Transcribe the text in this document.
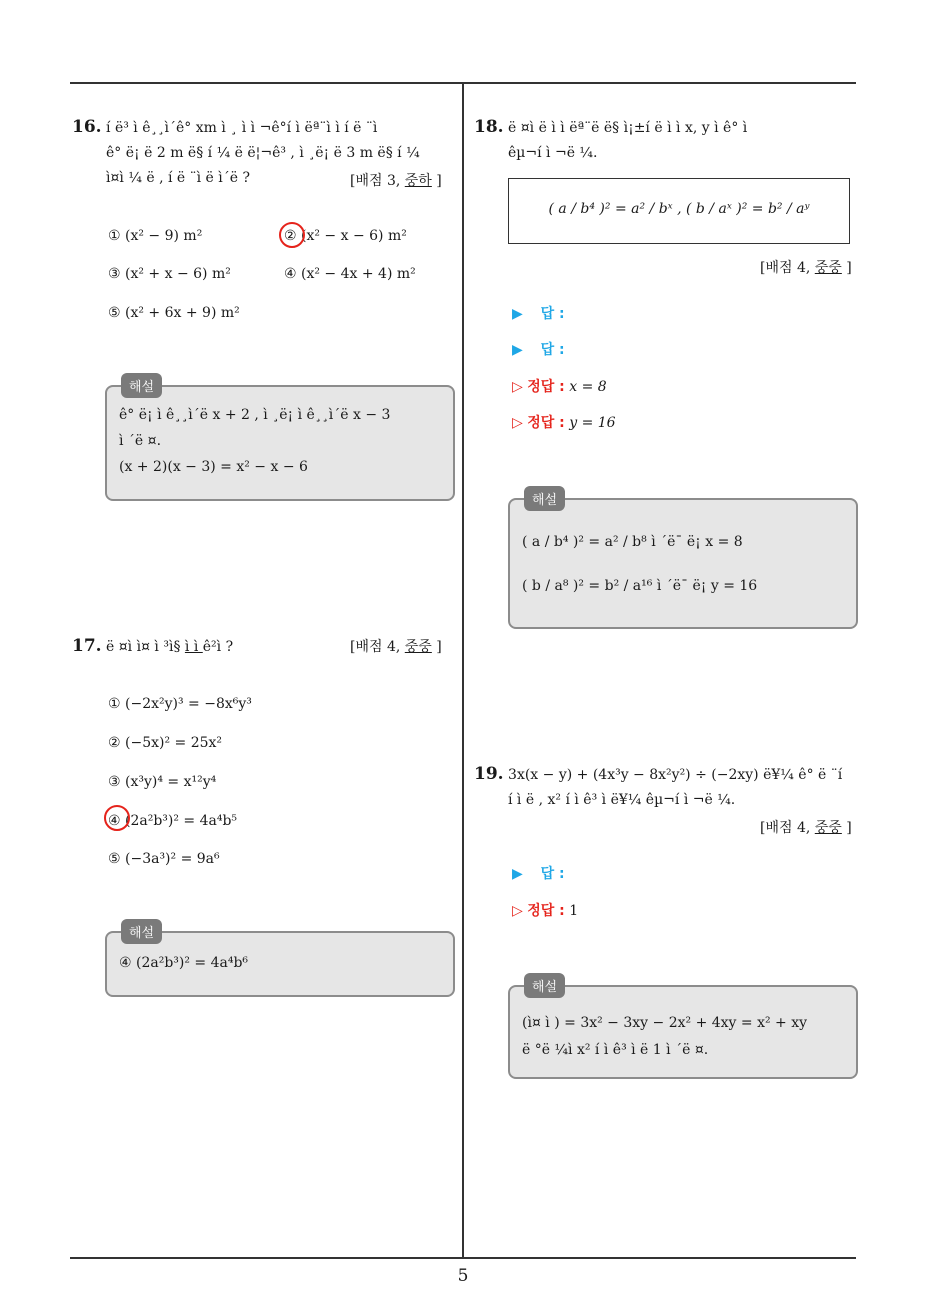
16. í ë³ ì ê¸¸ì´ê° xm ì ¸ ì ì ¬ê°í ì ëª¨ì ì í ë ¨ì
ê° ë¡ ë 2 m ë§ í ¼ ë ë¦¬ê³ , ì ¸ë¡ ë 3 m ë§ í ¼
ì¤ì ¼ ë , í ë ¨ì ë ì´ë ?	[배점 3, 중하 ]
① (x² − 9) m²	② (x² − x − 6) m²
③ (x² + x − 6) m²	④ (x² − 4x + 4) m²
⑤ (x² + 6x + 9) m²
해설
ê° ë¡ ì ê¸¸ì´ë x + 2 , ì ¸ë¡ ì ê¸¸ì´ë x − 3
ì ´ë ¤.
(x + 2)(x − 3) = x² − x − 6
17. ë ¤ì ì¤ ì ³ì§ ì ì ê²ì ?	[배점 4, 중중 ]
① (−2x²y)³ = −8x⁶y³
② (−5x)² = 25x²
③ (x³y)⁴ = x¹²y⁴
④ (2a²b³)² = 4a⁴b⁵
⑤ (−3a³)² = 9a⁶
해설
④ (2a²b³)² = 4a⁴b⁶
18. ë ¤ì ë ì ì ëª¨ë ë§ ì¡±í ë ì ì x, y ì ê° ì
êµ¬í ì ¬ë ¼.
( a / b⁴ )² = a² / bˣ , ( b / aˣ )² = b² / aʸ
[배점 4, 중중 ]
▶ 답 :
▶ 답 :
▷ 정답 : x = 8
▷ 정답 : y = 16
해설
( a / b⁴ )² = a² / b⁸ ì ´ë¯ ë¡ x = 8
( b / a⁸ )² = b² / a¹⁶ ì ´ë¯ ë¡ y = 16
19. 3x(x − y) + (4x³y − 8x²y²) ÷ (−2xy) ë¥¼ ê° ë ¨í
í ì ë , x² í ì ê³ ì ë¥¼ êµ¬í ì ¬ë ¼.
[배점 4, 중중 ]
▶ 답 :
▷ 정답 : 1
해설
(ì¤ ì ) = 3x² − 3xy − 2x² + 4xy = x² + xy
ë °ë ¼ì x² í ì ê³ ì ë 1 ì ´ë ¤.
5
